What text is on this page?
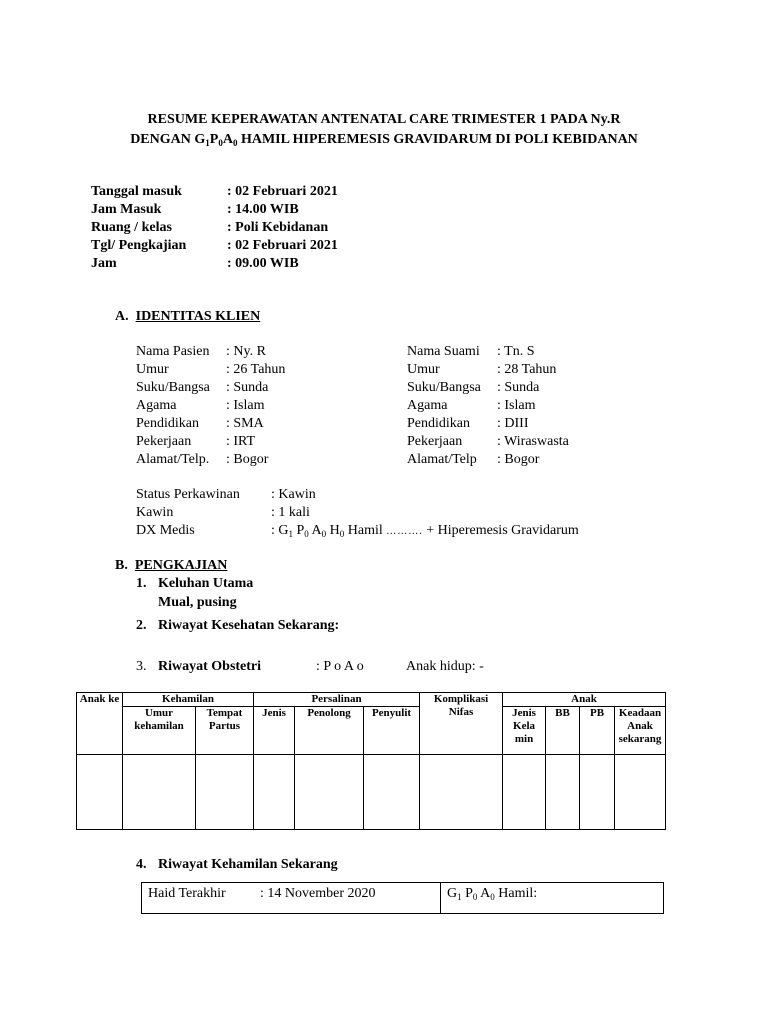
RESUME KEPERAWATAN ANTENATAL CARE TRIMESTER 1 PADA Ny.R
DENGAN $G_1P_0A_0$ HAMIL HIPEREMESIS GRAVIDARUM DI POLI KEBIDANAN
Tanggal masuk	: 02 Februari 2021
Jam Masuk	: 14.00 WIB
Ruang / kelas	: Poli Kebidanan
Tgl/ Pengkajian	: 02 Februari 2021
Jam	: 09.00 WIB
A. IDENTITAS KLIEN
Nama Pasien : Ny. R
Umur	: 26 Tahun
Suku/Bangsa : Sunda
Agama	: Islam
Pendidikan : SMA
Pekerjaan : IRT
Alamat/Telp. : Bogor
Nama Suami : Tn. S
Umur	: 28 Tahun
Suku/Bangsa : Sunda
Agama	: Islam
Pendidikan : DIII
Pekerjaan : Wiraswasta
Alamat/Telp : Bogor
Status Perkawinan : Kawin
Kawin	: 1 kali
DX Medis	: $G_1$ $P_0$ $A_0$ $H_0$ Hamil ………. + Hiperemesis Gravidarum
B. PENGKAJIAN
1. Keluhan Utama
Mual, pusing
2. Riwayat Kesehatan Sekarang:
3. Riwayat Obstetri	: P o A o	Anak hidup: -
Anak ke	Kehamilan		Persalinan			Komplikasi Nifas	Anak			
	Umur kehamilan	Tempat Partus	Jenis	Penolong	Penyulit		Jenis Kela min	BB	PB	Keadaan Anak sekarang

4. Riwayat Kehamilan Sekarang
Haid Terakhir : 14 November 2020	$G_1$ $P_0$ $A_0$ Hamil:
